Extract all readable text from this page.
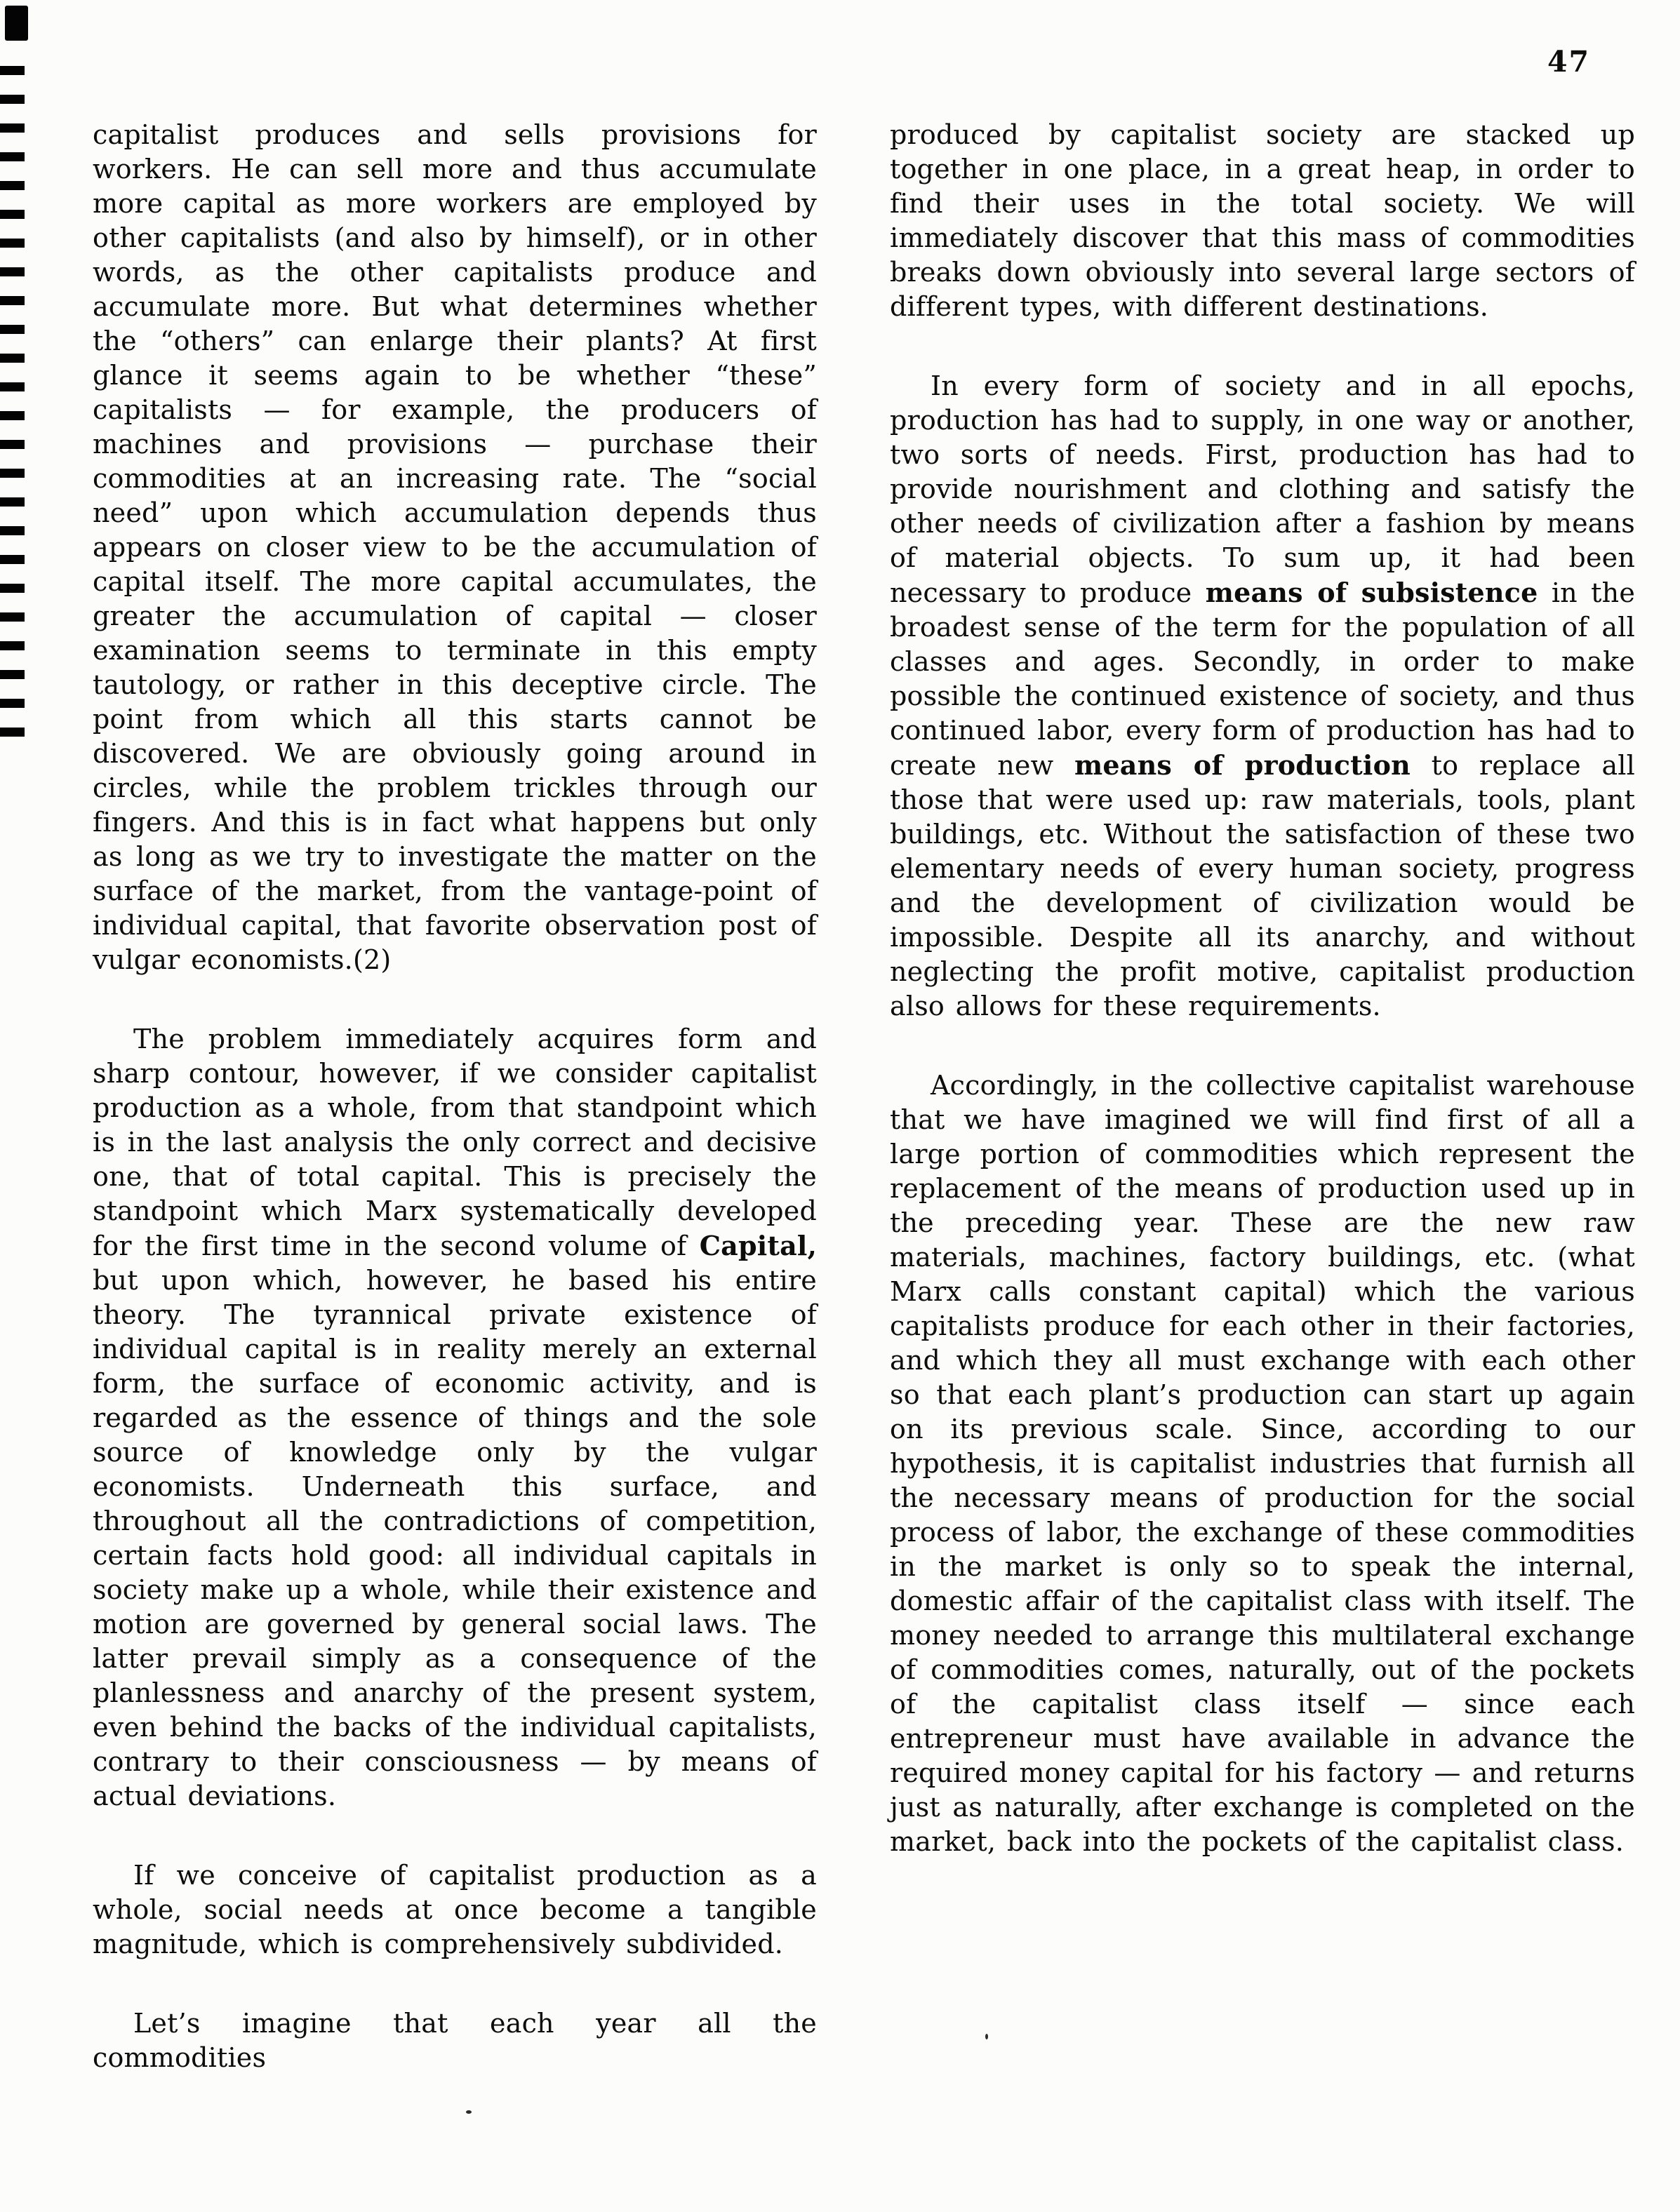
47

capitalist produces and sells provisions for workers. He can sell more and thus accumulate more capital as more workers are employed by other capitalists (and also by himself), or in other words, as the other capitalists produce and accumulate more. But what determines whether the “others” can enlarge their plants? At first glance it seems again to be whether “these” capitalists — for example, the producers of machines and provisions — purchase their commodities at an increasing rate. The “social need” upon which accumulation depends thus appears on closer view to be the accumulation of capital itself. The more capital accumulates, the greater the accumulation of capital — closer examination seems to terminate in this empty tautology, or rather in this deceptive circle. The point from which all this starts cannot be discovered. We are obviously going around in circles, while the problem trickles through our fingers. And this is in fact what happens but only as long as we try to investigate the matter on the surface of the market, from the vantage-point of individual capital, that favorite observation post of vulgar economists.(2)

The problem immediately acquires form and sharp contour, however, if we consider capitalist production as a whole, from that standpoint which is in the last analysis the only correct and decisive one, that of total capital. This is precisely the standpoint which Marx systematically developed for the first time in the second volume of Capital, but upon which, however, he based his entire theory. The tyrannical private existence of individual capital is in reality merely an external form, the surface of economic activity, and is regarded as the essence of things and the sole source of knowledge only by the vulgar economists. Underneath this surface, and throughout all the contradictions of competition, certain facts hold good: all individual capitals in society make up a whole, while their existence and motion are governed by general social laws. The latter prevail simply as a consequence of the planlessness and anarchy of the present system, even behind the backs of the individual capitalists, contrary to their consciousness — by means of actual deviations.

If we conceive of capitalist production as a whole, social needs at once become a tangible magnitude, which is comprehensively subdivided.

Let’s imagine that each year all the commodities

produced by capitalist society are stacked up together in one place, in a great heap, in order to find their uses in the total society. We will immediately discover that this mass of commodities breaks down obviously into several large sectors of different types, with different destinations.

In every form of society and in all epochs, production has had to supply, in one way or another, two sorts of needs. First, production has had to provide nourishment and clothing and satisfy the other needs of civilization after a fashion by means of material objects. To sum up, it had been necessary to produce means of subsistence in the broadest sense of the term for the population of all classes and ages. Secondly, in order to make possible the continued existence of society, and thus continued labor, every form of production has had to create new means of production to replace all those that were used up: raw materials, tools, plant buildings, etc. Without the satisfaction of these two elementary needs of every human society, progress and the development of civilization would be impossible. Despite all its anarchy, and without neglecting the profit motive, capitalist production also allows for these requirements.

Accordingly, in the collective capitalist warehouse that we have imagined we will find first of all a large portion of commodities which represent the replacement of the means of production used up in the preceding year. These are the new raw materials, machines, factory buildings, etc. (what Marx calls constant capital) which the various capitalists produce for each other in their factories, and which they all must exchange with each other so that each plant’s production can start up again on its previous scale. Since, according to our hypothesis, it is capitalist industries that furnish all the necessary means of production for the social process of labor, the exchange of these commodities in the market is only so to speak the internal, domestic affair of the capitalist class with itself. The money needed to arrange this multilateral exchange of commodities comes, naturally, out of the pockets of the capitalist class itself — since each entrepreneur must have available in advance the required money capital for his factory — and returns just as naturally, after exchange is completed on the market, back into the pockets of the capitalist class.
